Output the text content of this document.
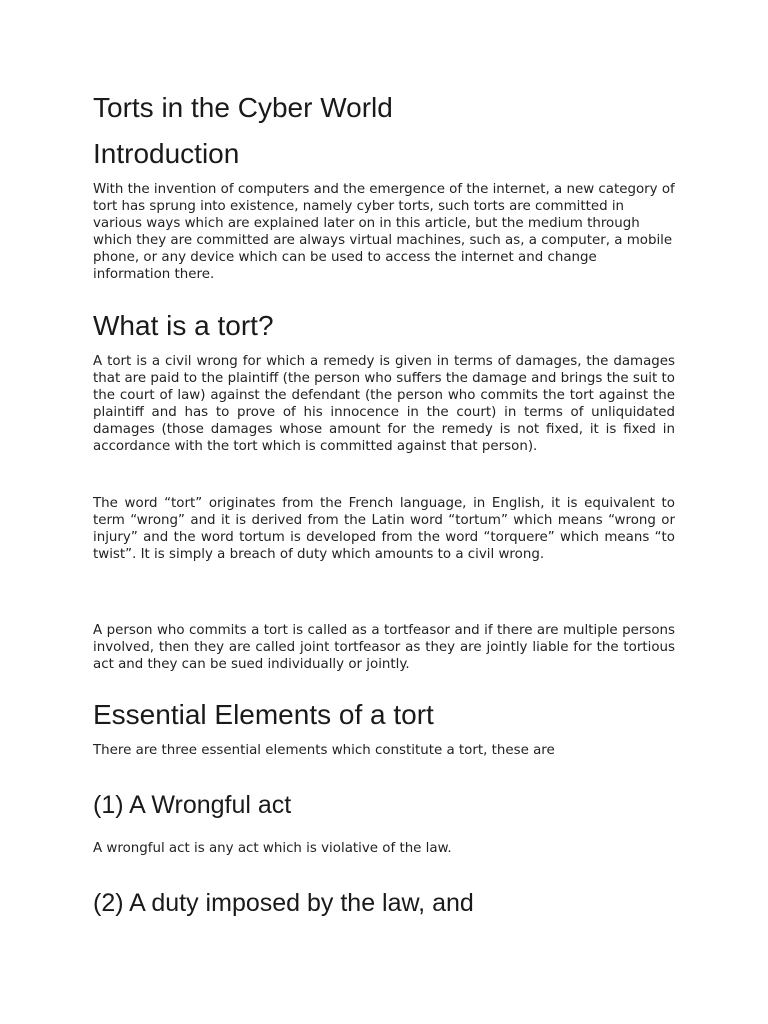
Torts in the Cyber World
Introduction

With the invention of computers and the emergence of the internet, a new category of tort has sprung into existence, namely cyber torts, such torts are committed in various ways which are explained later on in this article, but the medium through which they are committed are always virtual machines, such as, a computer, a mobile phone, or any device which can be used to access the internet and change information there.

What is a tort?

A tort is a civil wrong for which a remedy is given in terms of damages, the damages that are paid to the plaintiff (the person who suffers the damage and brings the suit to the court of law) against the defendant (the person who commits the tort against the plaintiff and has to prove of his innocence in the court) in terms of unliquidated damages (those damages whose amount for the remedy is not fixed, it is fixed in accordance with the tort which is committed against that person).

The word “tort” originates from the French language, in English, it is equivalent to term “wrong” and it is derived from the Latin word “tortum” which means “wrong or injury” and the word tortum is developed from the word “torquere” which means “to twist”. It is simply a breach of duty which amounts to a civil wrong.

A person who commits a tort is called as a tortfeasor and if there are multiple persons involved, then they are called joint tortfeasor as they are jointly liable for the tortious act and they can be sued individually or jointly.

Essential Elements of a tort

There are three essential elements which constitute a tort, these are

(1) A Wrongful act

A wrongful act is any act which is violative of the law.

(2) A duty imposed by the law, and
